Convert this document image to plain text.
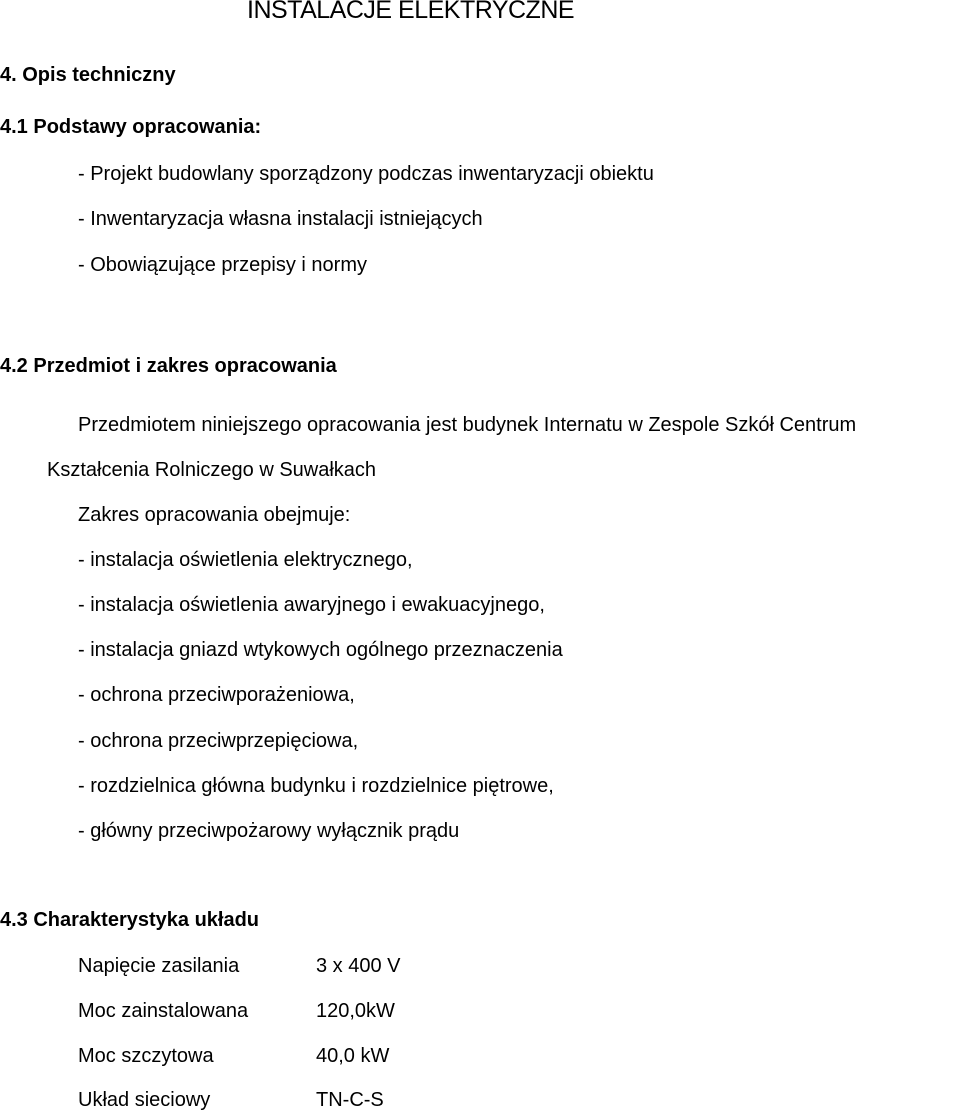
INSTALACJE ELEKTRYCZNE
4. Opis techniczny
4.1 Podstawy opracowania:
- Projekt budowlany sporządzony podczas inwentaryzacji obiektu
- Inwentaryzacja własna instalacji istniejących
- Obowiązujące przepisy i normy
4.2 Przedmiot i zakres opracowania
Przedmiotem niniejszego opracowania jest budynek Internatu w Zespole Szkół Centrum
Kształcenia Rolniczego w Suwałkach
Zakres opracowania obejmuje:
- instalacja oświetlenia elektrycznego,
- instalacja oświetlenia awaryjnego i ewakuacyjnego,
- instalacja gniazd wtykowych ogólnego przeznaczenia
- ochrona przeciwporażeniowa,
- ochrona przeciwprzepięciowa,
- rozdzielnica główna budynku i rozdzielnice piętrowe,
- główny przeciwpożarowy wyłącznik prądu
4.3 Charakterystyka układu
Napięcie zasilania	3 x 400 V
Moc zainstalowana	120,0kW
Moc szczytowa	40,0 kW
Układ sieciowy	TN-C-S
